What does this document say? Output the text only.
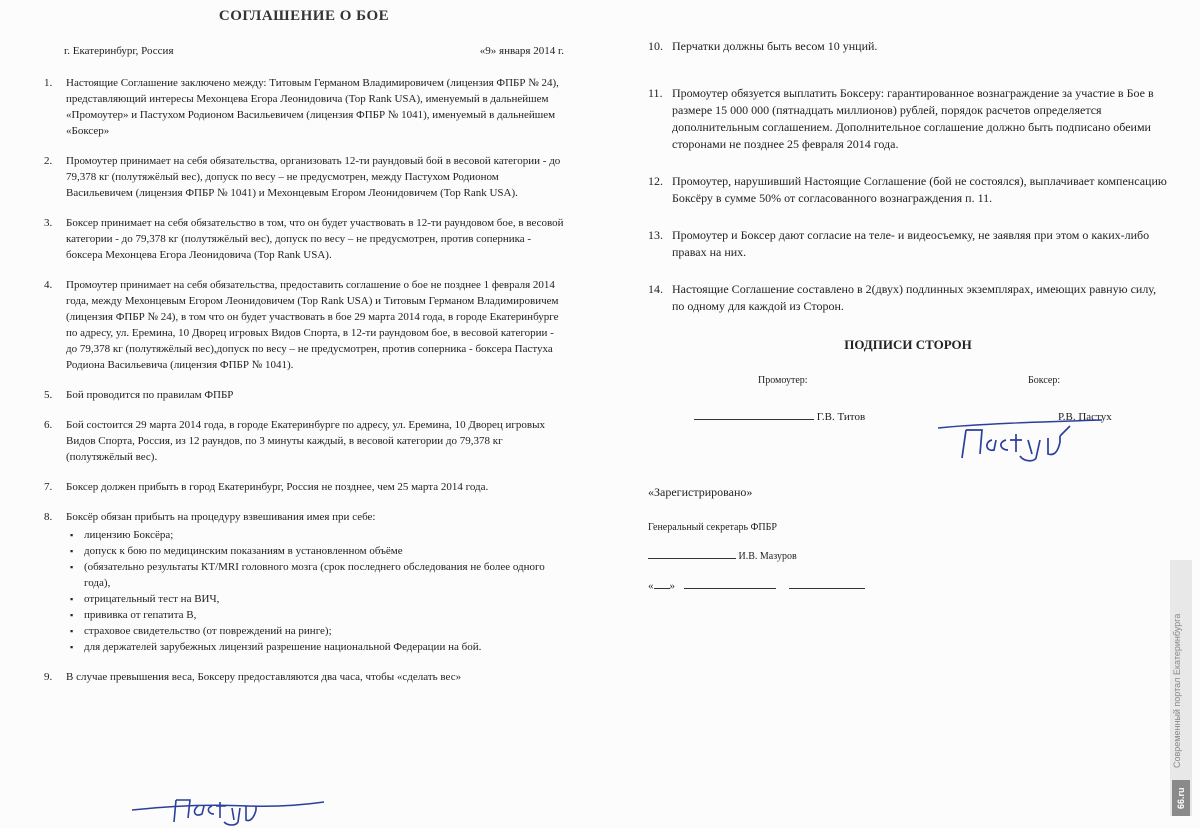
СОГЛАШЕНИЕ О БОЕ
г. Екатеринбург, Россия	«9» января 2014 г.
1.	Настоящие Соглашение заключено между: Титовым Германом Владимировичем (лицензия ФПБР № 24), представляющий интересы Мехонцева Егора Леонидовича (Top Rank USA), именуемый в дальнейшем «Промоутер» и Пастухом Родионом Васильевичем (лицензия ФПБР № 1041), именуемый в дальнейшем «Боксер»
2.	Промоутер принимает на себя обязательства, организовать 12-ти раундовый бой в весовой категории - до 79,378 кг (полутяжёлый вес), допуск по весу – не предусмотрен, между Пастухом Родионом Васильевичем (лицензия ФПБР № 1041) и Мехонцевым Егором Леонидовичем (Top Rank USA).
3.	Боксер принимает на себя обязательство в том, что он будет участвовать в 12-ти раундовом бое, в весовой категории - до 79,378 кг (полутяжёлый вес), допуск по весу – не предусмотрен, против соперника - боксера Мехонцева Егора Леонидовича (Top Rank USA).
4.	Промоутер принимает на себя обязательства, предоставить соглашение о бое не позднее 1 февраля 2014 года, между Мехонцевым Егором Леонидовичем (Top Rank USA) и Титовым Германом Владимировичем (лицензия ФПБР № 24), в том что он будет участвовать в бое 29 марта 2014 года, в городе Екатеринбурге по адресу, ул. Еремина, 10 Дворец игровых Видов Спорта, в 12-ти раундовом бое, в весовой категории - до 79,378 кг (полутяжёлый вес),допуск по весу – не предусмотрен, против соперника - боксера Пастуха Родиона Васильевича (лицензия ФПБР № 1041).
5.	Бой проводится по правилам ФПБР
6.	Бой состоится 29 марта 2014 года, в городе Екатеринбурге по адресу, ул. Еремина, 10 Дворец игровых Видов Спорта, Россия, из 12 раундов, по 3 минуты каждый, в весовой категории до 79,378 кг (полутяжёлый вес).
7.	Боксер должен прибыть в город Екатеринбург, Россия не позднее, чем 25 марта 2014 года.
8.	Боксёр обязан прибыть на процедуру взвешивания имея при себе:
▪ лицензию Боксёра;
▪ допуск к бою по медицинским показаниям в установленном объёме
▪ (обязательно результаты КТ/MRI головного мозга (срок последнего обследования не более одного года),
▪ отрицательный тест на ВИЧ,
▪ прививка от гепатита В,
▪ страховое свидетельство (от повреждений на ринге);
▪ для держателей зарубежных лицензий разрешение национальной Федерации на бой.
9.	В случае превышения веса, Боксеру предоставляются два часа, чтобы «сделать вес»
10. Перчатки должны быть весом 10 унций.
11. Промоутер обязуется выплатить Боксеру: гарантированное вознаграждение за участие в Бое в размере 15 000 000 (пятнадцать миллионов) рублей, порядок расчетов определяется дополнительным соглашением. Дополнительное соглашение должно быть подписано обеими сторонами не позднее 25 февраля 2014 года.
12. Промоутер, нарушивший Настоящие Соглашение (бой не состоялся), выплачивает компенсацию Боксёру в сумме 50% от согласованного вознаграждения п. 11.
13. Промоутер и Боксер дают согласие на теле- и видеосъемку, не заявляя при этом о каких-либо правах на них.
14. Настоящие Соглашение составлено в 2(двух) подлинных экземплярах, имеющих равную силу, по одному для каждой из Сторон.
ПОДПИСИ СТОРОН
Промоутер:	Боксер:
Г.В. Титов	Р.В. Пастух
«Зарегистрировано»
Генеральный секретарь ФПБР
И.В. Мазуров
« »
Современный портал Екатеринбурга
66.ru
